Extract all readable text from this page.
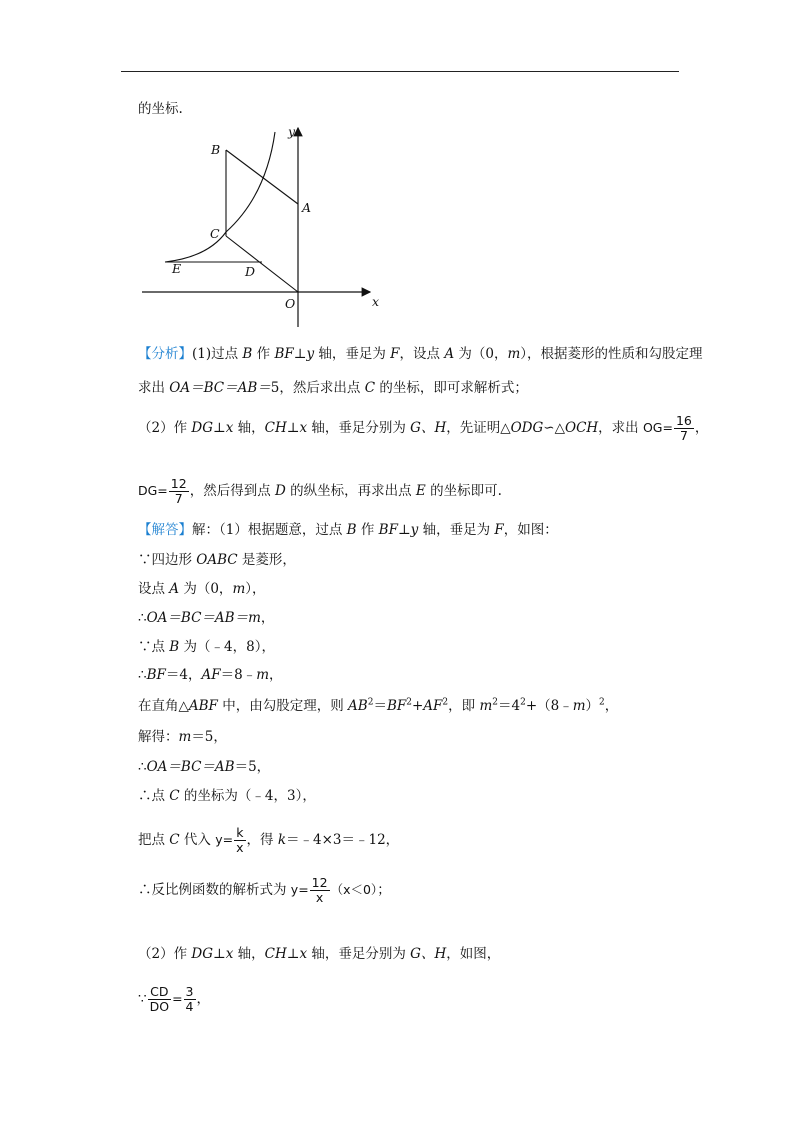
的坐标.
y
B
A
C
E	D
O	x
【分析】(1)过点 B 作 BF⊥y 轴，垂足为 F，设点 A 为（0，m），根据菱形的性质和勾股定理
求出 OA＝BC＝AB＝5，然后求出点 C 的坐标，即可求解析式；
（2）作 DG⊥x 轴，CH⊥x 轴，垂足分别为 G、H，先证明△ODG∽△OCH，求出 $OG= \frac{16}{7}$ ，
$DG= \frac{12}{7}$ ，然后得到点 D 的纵坐标，再求出点 E 的坐标即可.
【解答】解：（1）根据题意，过点 B 作 BF⊥y 轴，垂足为 F，如图：
∵四边形 OABC 是菱形，
设点 A 为（0，m），
∴OA＝BC＝AB＝m，
∵点 B 为（﹣4，8），
∴BF＝4，AF＝8﹣m，
在直角△ABF 中，由勾股定理，则 $AB^2=BF^2+AF^2$，即 $m^2=4^2+(8﹣m)^2$，
解得：m＝5，
∴OA＝BC＝AB＝5，
∴点 C 的坐标为（﹣4，3），
把点 C 代入 $y= \frac{k}{x}$ ，得 k＝﹣4×3＝﹣12，
∴反比例函数的解析式为 $y= \frac{12}{x} (x<0)$；
（2）作 DG⊥x 轴，CH⊥x 轴，垂足分别为 G、H，如图，
∵ $\frac{CD}{DO} = \frac{3}{4}$ ，
